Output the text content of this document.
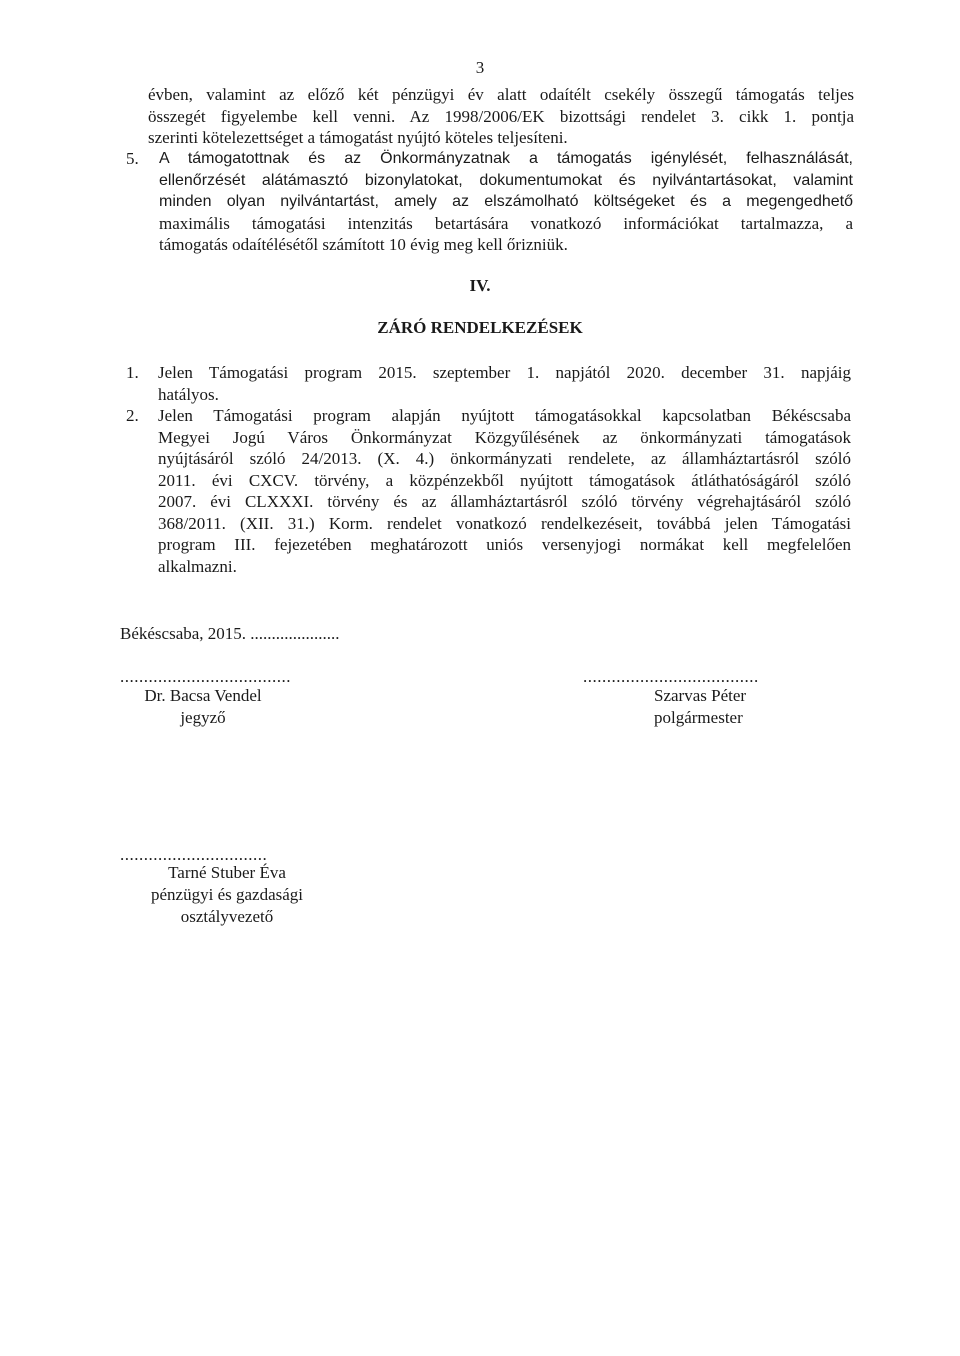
3
évben, valamint az előző két pénzügyi év alatt odaítélt csekély összegű támogatás teljes
összegét figyelembe kell venni. Az 1998/2006/EK bizottsági rendelet 3. cikk 1. pontja
szerinti kötelezettséget a támogatást nyújtó köteles teljesíteni.
5. A támogatottnak és az Önkormányzatnak a támogatás igénylését, felhasználását,
ellenőrzését alátámasztó bizonylatokat, dokumentumokat és nyilvántartásokat, valamint
minden olyan nyilvántartást, amely az elszámolható költségeket és a megengedhető
maximális támogatási intenzitás betartására vonatkozó információkat tartalmazza, a
támogatás odaítélésétől számított 10 évig meg kell őrizniük.
IV.
ZÁRÓ RENDELKEZÉSEK
1. Jelen Támogatási program 2015. szeptember 1. napjától 2020. december 31. napjáig
hatályos.
2. Jelen Támogatási program alapján nyújtott támogatásokkal kapcsolatban Békéscsaba
Megyei Jogú Város Önkormányzat Közgyűlésének az önkormányzati támogatások
nyújtásáról szóló 24/2013. (X. 4.) önkormányzati rendelete, az államháztartásról szóló
2011. évi CXCV. törvény, a közpénzekből nyújtott támogatások átláthatóságáról szóló
2007. évi CLXXXI. törvény és az államháztartásról szóló törvény végrehajtásáról szóló
368/2011. (XII. 31.) Korm. rendelet vonatkozó rendelkezéseit, továbbá jelen Támogatási
program III. fejezetében meghatározott uniós versenyjogi normákat kell megfelelően
alkalmazni.
Békéscsaba, 2015. .....................
....................................
Dr. Bacsa Vendel
jegyző
.....................................
Szarvas Péter
polgármester
...............................
Tarné Stuber Éva
pénzügyi és gazdasági
osztályvezető
